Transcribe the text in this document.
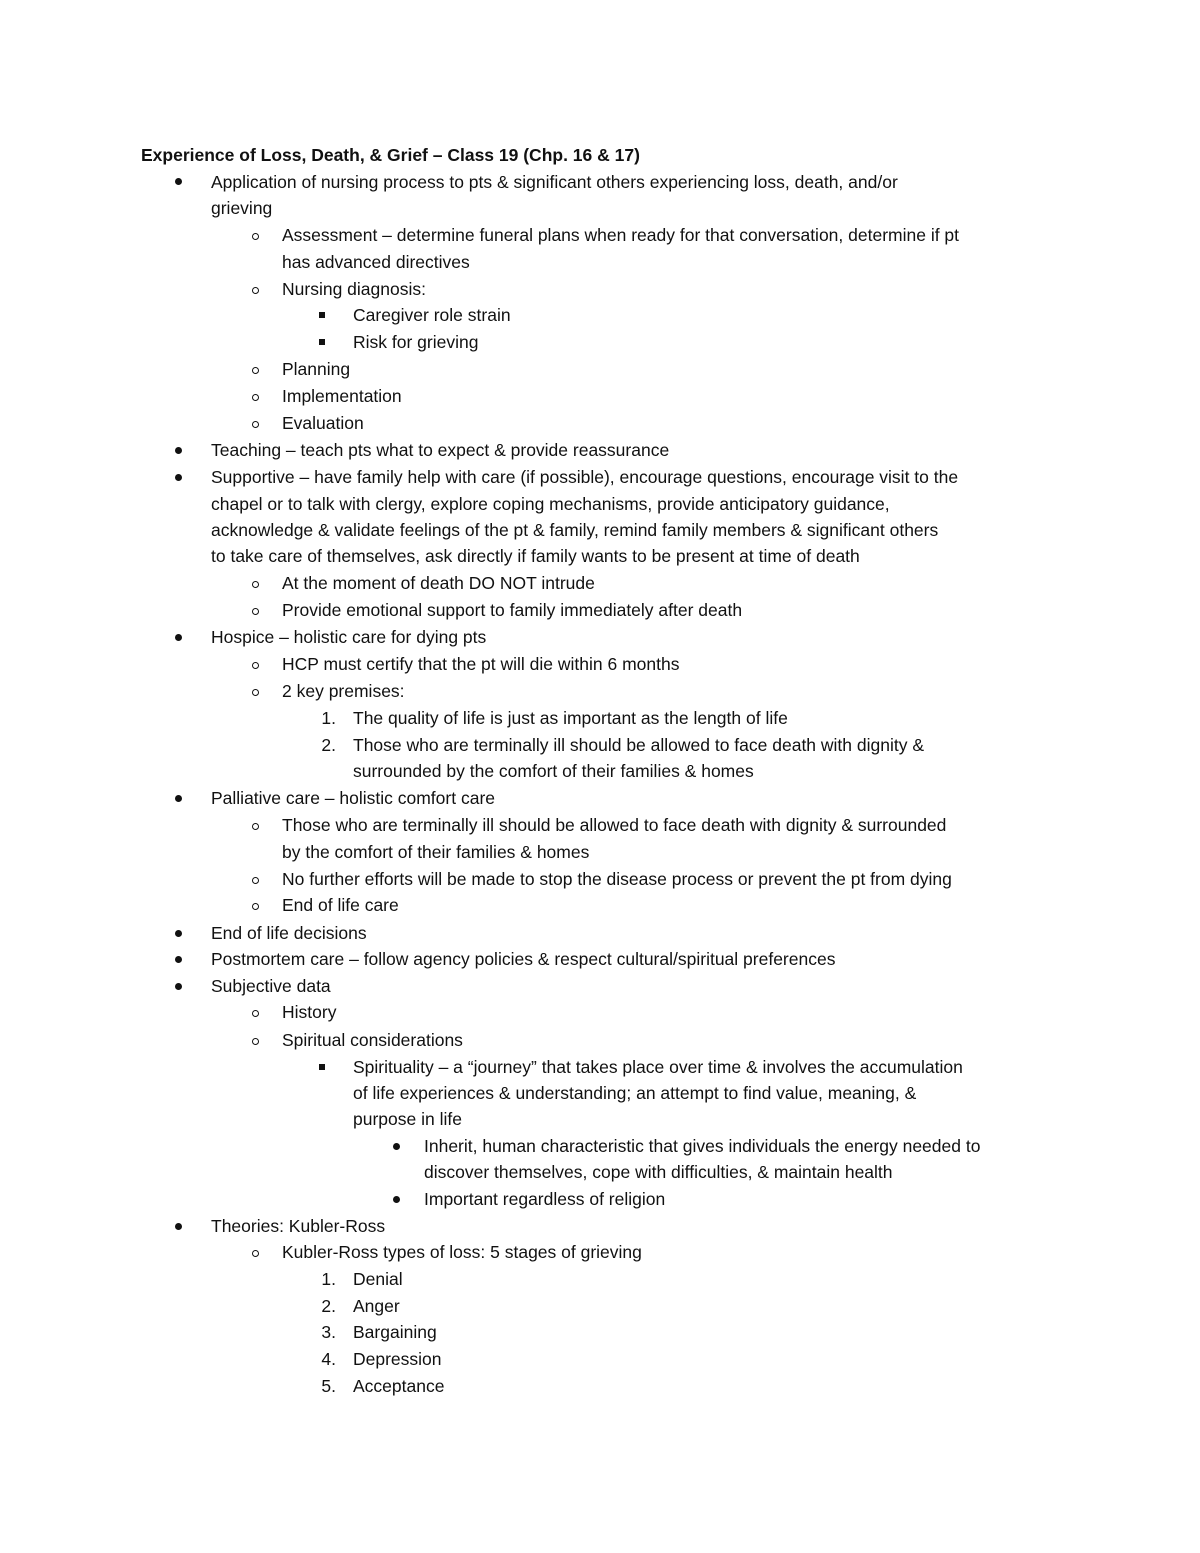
Experience of Loss, Death, & Grief – Class 19 (Chp. 16 & 17)
Application of nursing process to pts & significant others experiencing loss, death, and/or
grieving
Assessment – determine funeral plans when ready for that conversation, determine if pt
has advanced directives
Nursing diagnosis:
Caregiver role strain
Risk for grieving
Planning
Implementation
Evaluation
Teaching – teach pts what to expect & provide reassurance
Supportive – have family help with care (if possible), encourage questions, encourage visit to the
chapel or to talk with clergy, explore coping mechanisms, provide anticipatory guidance,
acknowledge & validate feelings of the pt & family, remind family members & significant others
to take care of themselves, ask directly if family wants to be present at time of death
At the moment of death DO NOT intrude
Provide emotional support to family immediately after death
Hospice – holistic care for dying pts
HCP must certify that the pt will die within 6 months
2 key premises:
1. The quality of life is just as important as the length of life
2. Those who are terminally ill should be allowed to face death with dignity &
surrounded by the comfort of their families & homes
Palliative care – holistic comfort care
Those who are terminally ill should be allowed to face death with dignity & surrounded
by the comfort of their families & homes
No further efforts will be made to stop the disease process or prevent the pt from dying
End of life care
End of life decisions
Postmortem care – follow agency policies & respect cultural/spiritual preferences
Subjective data
History
Spiritual considerations
Spirituality – a “journey” that takes place over time & involves the accumulation
of life experiences & understanding; an attempt to find value, meaning, &
purpose in life
Inherit, human characteristic that gives individuals the energy needed to
discover themselves, cope with difficulties, & maintain health
Important regardless of religion
Theories: Kubler-Ross
Kubler-Ross types of loss: 5 stages of grieving
1. Denial
2. Anger
3. Bargaining
4. Depression
5. Acceptance
